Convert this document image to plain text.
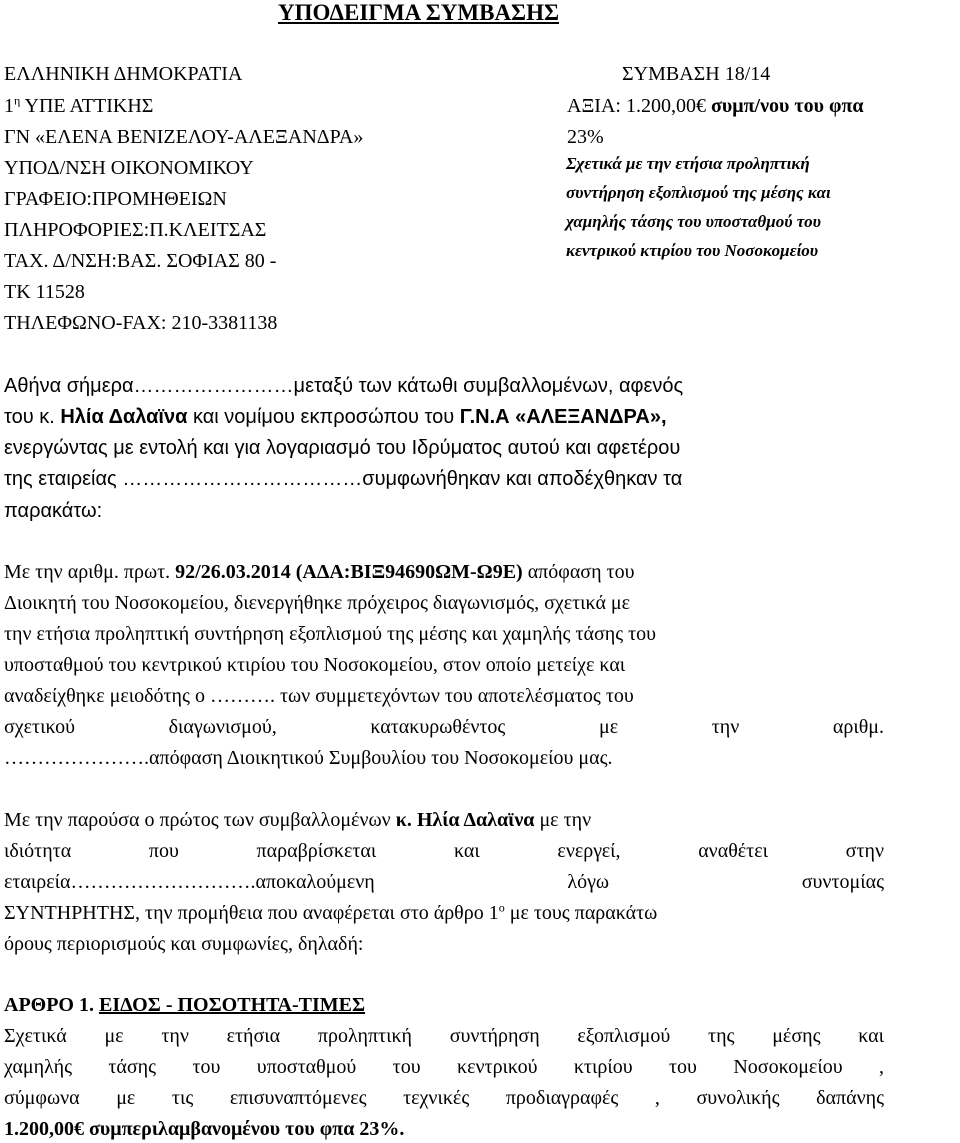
ΥΠΟΔΕΙΓΜΑ ΣΥΜΒΑΣΗΣ
ΕΛΛΗΝΙΚΗ ΔΗΜΟΚΡΑΤΙΑ
$1^\eta$ ΥΠΕ ΑΤΤΙΚΗΣ
ΓΝ «ΕΛΕΝΑ ΒΕΝΙΖΕΛΟΥ-ΑΛΕΞΑΝΔΡΑ»
ΥΠΟΔ/ΝΣΗ ΟΙΚΟΝΟΜΙΚΟΥ
ΓΡΑΦΕΙΟ:ΠΡΟΜΗΘΕΙΩΝ
ΠΛΗΡΟΦΟΡΙΕΣ:Π.ΚΛΕΙΤΣΑΣ
ΤΑΧ. Δ/ΝΣΗ:ΒΑΣ. ΣΟΦΙΑΣ 80 -
ΤΚ 11528
ΤΗΛΕΦΩΝΟ-FAX: 210-3381138
ΣΥΜΒΑΣΗ 18/14
ΑΞΙΑ: 1.200,00€ συμπ/νου του φπα
23%
Σχετικά με την ετήσια προληπτική
συντήρηση εξοπλισμού της μέσης και
χαμηλής τάσης του υποσταθμού του
κεντρικού κτιρίου του Νοσοκομείου
Αθήνα σήμερα……………………μεταξύ των κάτωθι συμβαλλομένων, αφενός
του κ. Ηλία Δαλαϊνα και νομίμου εκπροσώπου του Γ.Ν.Α «ΑΛΕΞΑΝΔΡΑ»,
ενεργώντας με εντολή και για λογαριασμό του Ιδρύματος αυτού και αφετέρου
της εταιρείας ………………………………συμφωνήθηκαν και αποδέχθηκαν τα
παρακάτω:
Με την αριθμ. πρωτ. 92/26.03.2014 (ΑΔΑ:ΒΙΞ94690ΩΜ-Ω9Ε) απόφαση του
Διοικητή του Νοσοκομείου, διενεργήθηκε πρόχειρος διαγωνισμός, σχετικά με
την ετήσια προληπτική συντήρηση εξοπλισμού της μέσης και χαμηλής τάσης του
υποσταθμού του κεντρικού κτιρίου του Νοσοκομείου, στον οποίο μετείχε και
αναδείχθηκε μειοδότης ο ………. των συμμετεχόντων του αποτελέσματος του
σχετικού διαγωνισμού, κατακυρωθέντος με την αριθμ.
………………….απόφαση Διοικητικού Συμβουλίου του Νοσοκομείου μας.
Με την παρούσα ο πρώτος των συμβαλλομένων κ. Ηλία Δαλαϊνα με την
ιδιότητα που παραβρίσκεται και ενεργεί, αναθέτει στην
εταιρεία……………………….αποκαλούμενη λόγω συντομίας
ΣΥΝΤΗΡΗΤΗΣ, την προμήθεια που αναφέρεται στο άρθρο $1^o$ με τους παρακάτω
όρους περιορισμούς και συμφωνίες, δηλαδή:
ΑΡΘΡΟ 1. ΕΙΔΟΣ - ΠΟΣΟΤΗΤΑ-ΤΙΜΕΣ
Σχετικά με την ετήσια προληπτική συντήρηση εξοπλισμού της μέσης και
χαμηλής τάσης του υποσταθμού του κεντρικού κτιρίου του Νοσοκομείου ,
σύμφωνα με τις επισυναπτόμενες τεχνικές προδιαγραφές , συνολικής δαπάνης
1.200,00€ συμπεριλαμβανομένου του φπα 23%.
